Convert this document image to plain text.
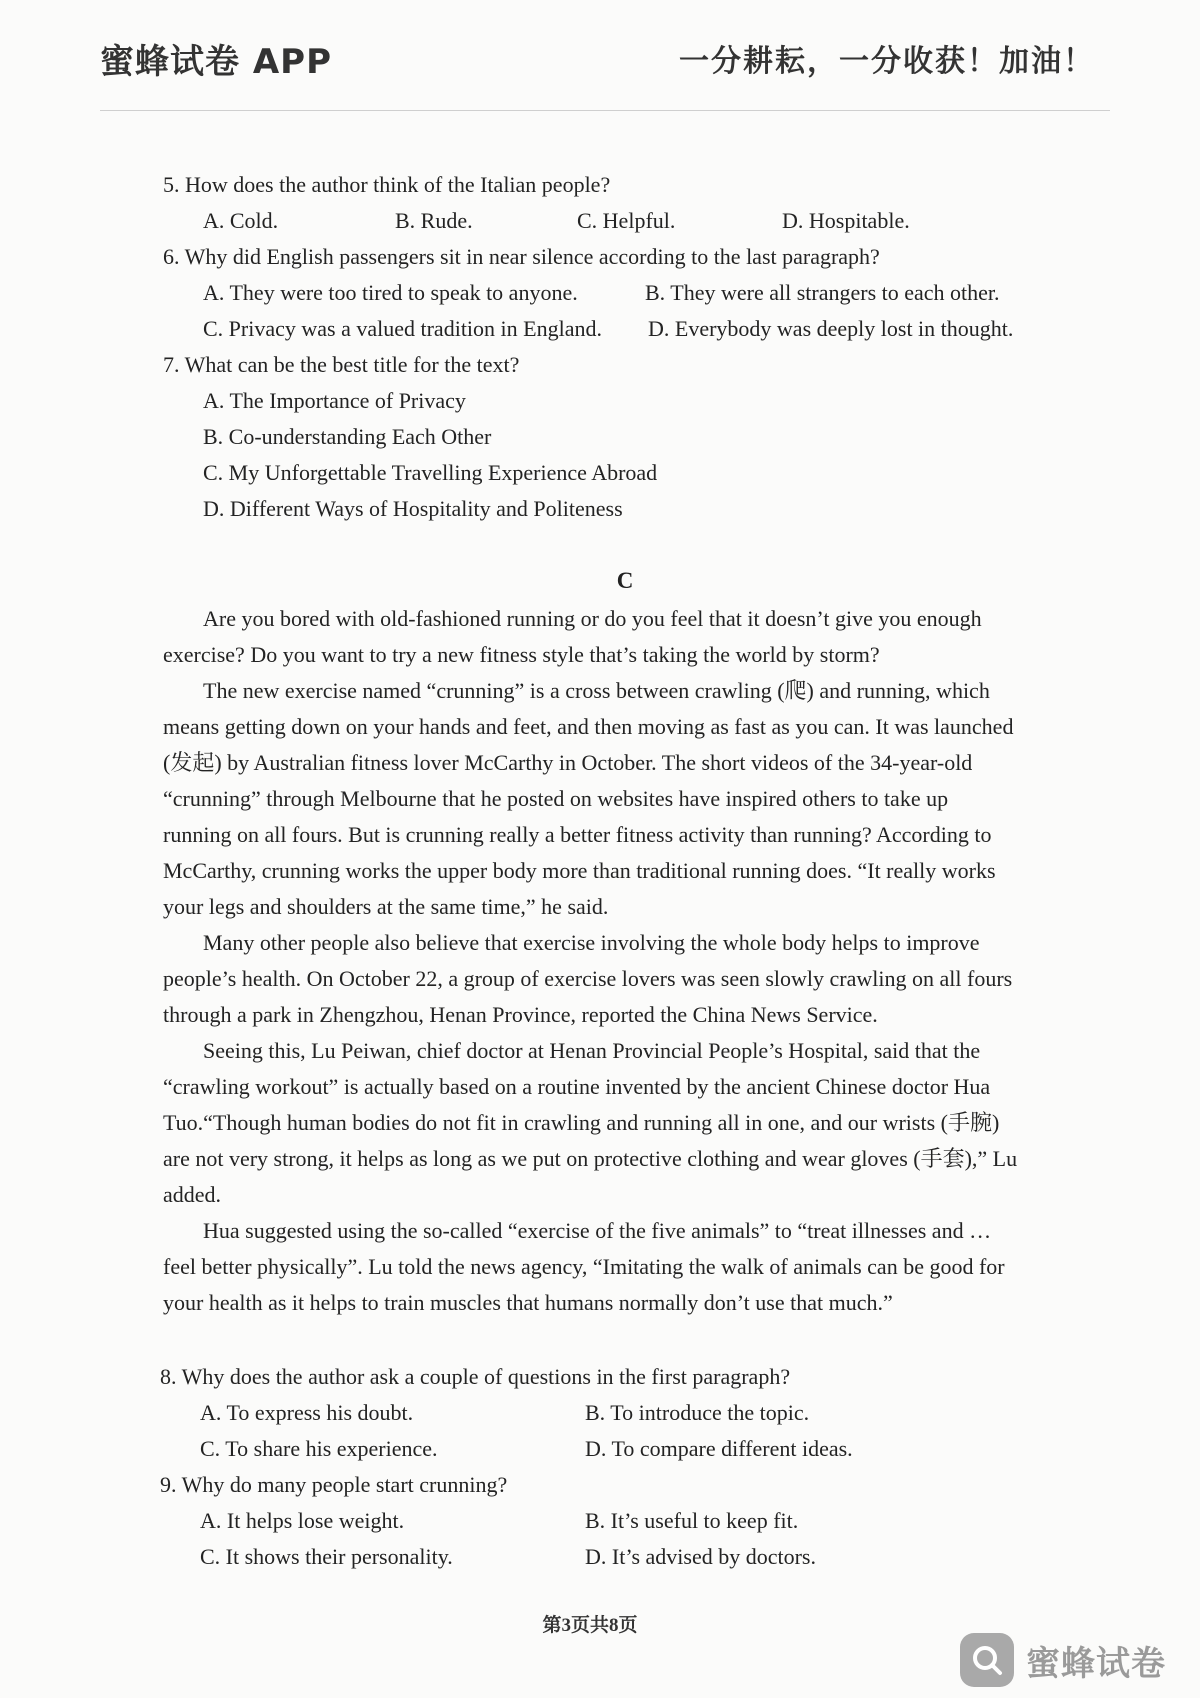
蜜蜂试卷 APP	一分耕耘，一分收获！加油！
5. How does the author think of the Italian people?
A. Cold.	B. Rude.	C. Helpful.	D. Hospitable.
6. Why did English passengers sit in near silence according to the last paragraph?
A. They were too tired to speak to anyone.	B. They were all strangers to each other.
C. Privacy was a valued tradition in England. D. Everybody was deeply lost in thought.
7. What can be the best title for the text?
A. The Importance of Privacy
B. Co-understanding Each Other
C. My Unforgettable Travelling Experience Abroad
D. Different Ways of Hospitality and Politeness
C
Are you bored with old-fashioned running or do you feel that it doesn’t give you enough
exercise? Do you want to try a new fitness style that’s taking the world by storm?
The new exercise named “crunning” is a cross between crawling (爬) and running, which
means getting down on your hands and feet, and then moving as fast as you can. It was launched
(发起) by Australian fitness lover McCarthy in October. The short videos of the 34-year-old
“crunning” through Melbourne that he posted on websites have inspired others to take up
running on all fours. But is crunning really a better fitness activity than running? According to
McCarthy, crunning works the upper body more than traditional running does. “It really works
your legs and shoulders at the same time,” he said.
Many other people also believe that exercise involving the whole body helps to improve
people’s health. On October 22, a group of exercise lovers was seen slowly crawling on all fours
through a park in Zhengzhou, Henan Province, reported the China News Service.
Seeing this, Lu Peiwan, chief doctor at Henan Provincial People’s Hospital, said that the
“crawling workout” is actually based on a routine invented by the ancient Chinese doctor Hua
Tuo.“Though human bodies do not fit in crawling and running all in one, and our wrists (手腕)
are not very strong, it helps as long as we put on protective clothing and wear gloves (手套),” Lu
added.
Hua suggested using the so-called “exercise of the five animals” to “treat illnesses and …
feel better physically”. Lu told the news agency, “Imitating the walk of animals can be good for
your health as it helps to train muscles that humans normally don’t use that much.”
8. Why does the author ask a couple of questions in the first paragraph?
A. To express his doubt.	B. To introduce the topic.
C. To share his experience.	D. To compare different ideas.
9. Why do many people start crunning?
A. It helps lose weight.	B. It’s useful to keep fit.
C. It shows their personality.	D. It’s advised by doctors.
第3页共8页
蜜蜂试卷
